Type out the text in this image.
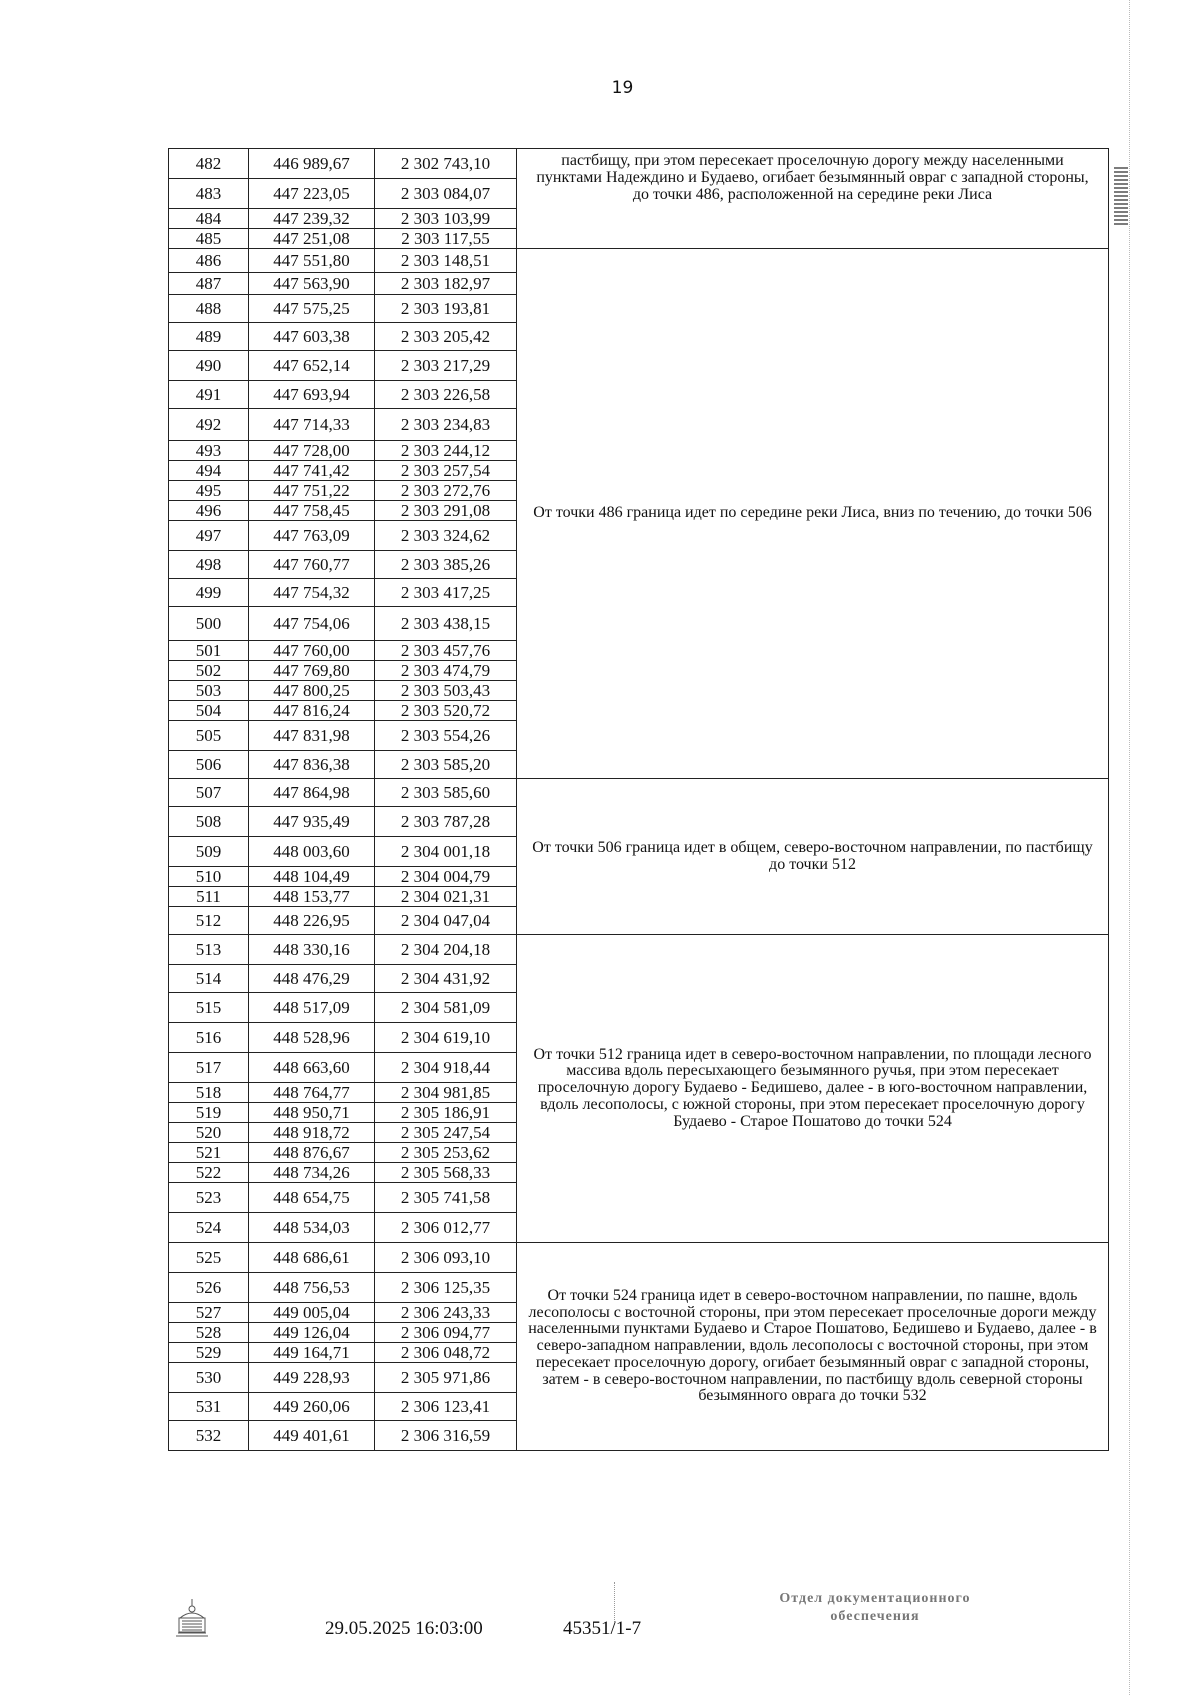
19
482	446 989,67	2 302 743,10	пастбищу, при этом пересекает проселочную дорогу между населенными пунктами Надеждино и Будаево, огибает безымянный овраг с западной стороны, до точки 486, расположенной на середине реки Лиса
483	447 223,05	2 303 084,07	
484	447 239,32	2 303 103,99	
485	447 251,08	2 303 117,55	
486	447 551,80	2 303 148,51	От точки 486 граница идет по середине реки Лиса, вниз по течению, до точки 506
487	447 563,90	2 303 182,97	
488	447 575,25	2 303 193,81	
489	447 603,38	2 303 205,42	
490	447 652,14	2 303 217,29	
491	447 693,94	2 303 226,58	
492	447 714,33	2 303 234,83	
493	447 728,00	2 303 244,12	
494	447 741,42	2 303 257,54	
495	447 751,22	2 303 272,76	
496	447 758,45	2 303 291,08	
497	447 763,09	2 303 324,62	
498	447 760,77	2 303 385,26	
499	447 754,32	2 303 417,25	
500	447 754,06	2 303 438,15	
501	447 760,00	2 303 457,76	
502	447 769,80	2 303 474,79	
503	447 800,25	2 303 503,43	
504	447 816,24	2 303 520,72	
505	447 831,98	2 303 554,26	
506	447 836,38	2 303 585,20	
507	447 864,98	2 303 585,60	От точки 506 граница идет в общем, северо-восточном направлении, по пастбищу до точки 512
508	447 935,49	2 303 787,28	
509	448 003,60	2 304 001,18	
510	448 104,49	2 304 004,79	
511	448 153,77	2 304 021,31	
512	448 226,95	2 304 047,04	
513	448 330,16	2 304 204,18	От точки 512 граница идет в северо-восточном направлении, по площади лесного массива вдоль пересыхающего безымянного ручья, при этом пересекает проселочную дорогу Будаево - Бедишево, далее - в юго-восточном направлении, вдоль лесополосы, с южной стороны, при этом пересекает проселочную дорогу Будаево - Старое Пошатово до точки 524
514	448 476,29	2 304 431,92	
515	448 517,09	2 304 581,09	
516	448 528,96	2 304 619,10	
517	448 663,60	2 304 918,44	
518	448 764,77	2 304 981,85	
519	448 950,71	2 305 186,91	
520	448 918,72	2 305 247,54	
521	448 876,67	2 305 253,62	
522	448 734,26	2 305 568,33	
523	448 654,75	2 305 741,58	
524	448 534,03	2 306 012,77	
525	448 686,61	2 306 093,10	От точки 524 граница идет в северо-восточном направлении, по пашне, вдоль лесополосы с восточной стороны, при этом пересекает проселочные дороги между населенными пунктами Будаево и Старое Пошатово, Бедишево и Будаево, далее - в северо-западном направлении, вдоль лесополосы с восточной стороны, при этом пересекает проселочную дорогу, огибает безымянный овраг с западной стороны, затем - в северо-восточном направлении, по пастбищу вдоль северной стороны безымянного оврага до точки 532
526	448 756,53	2 306 125,35	
527	449 005,04	2 306 243,33	
528	449 126,04	2 306 094,77	
529	449 164,71	2 306 048,72	
530	449 228,93	2 305 971,86	
531	449 260,06	2 306 123,41	
532	449 401,61	2 306 316,59	
29.05.2025 16:03:00	45351/1-7
Отдел документационного
обеспечения
